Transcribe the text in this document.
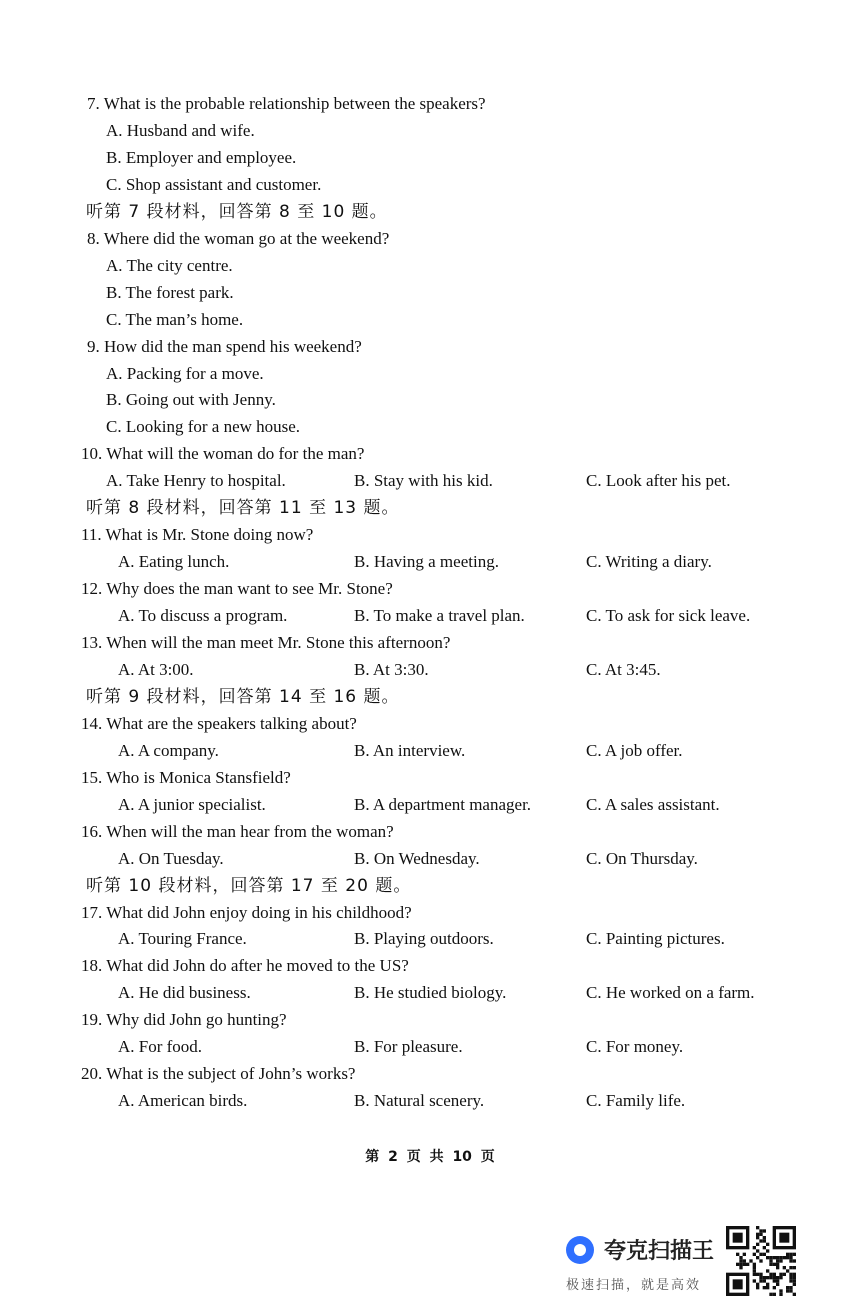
7. What is the probable relationship between the speakers?
A. Husband and wife.
B. Employer and employee.
C. Shop assistant and customer.
听第 7 段材料，回答第 8 至 10 题。
8. Where did the woman go at the weekend?
A. The city centre.
B. The forest park.
C. The man’s home.
9. How did the man spend his weekend?
A. Packing for a move.
B. Going out with Jenny.
C. Looking for a new house.
10. What will the woman do for the man?
A. Take Henry to hospital.	B. Stay with his kid.	C. Look after his pet.
听第 8 段材料，回答第 11 至 13 题。
11. What is Mr. Stone doing now?
A. Eating lunch.	B. Having a meeting.	C. Writing a diary.
12. Why does the man want to see Mr. Stone?
A. To discuss a program.	B. To make a travel plan.	C. To ask for sick leave.
13. When will the man meet Mr. Stone this afternoon?
A. At 3:00.	B. At 3:30.	C. At 3:45.
听第 9 段材料，回答第 14 至 16 题。
14. What are the speakers talking about?
A. A company.	B. An interview.	C. A job offer.
15. Who is Monica Stansfield?
A. A junior specialist.	B. A department manager.	C. A sales assistant.
16. When will the man hear from the woman?
A. On Tuesday.	B. On Wednesday.	C. On Thursday.
听第 10 段材料，回答第 17 至 20 题。
17. What did John enjoy doing in his childhood?
A. Touring France.	B. Playing outdoors.	C. Painting pictures.
18. What did John do after he moved to the US?
A. He did business.	B. He studied biology.	C. He worked on a farm.
19. Why did John go hunting?
A. For food.	B. For pleasure.	C. For money.
20. What is the subject of John’s works?
A. American birds.	B. Natural scenery.	C. Family life.
第 2 页 共 10 页
夸克扫描王
极速扫描，就是高效
